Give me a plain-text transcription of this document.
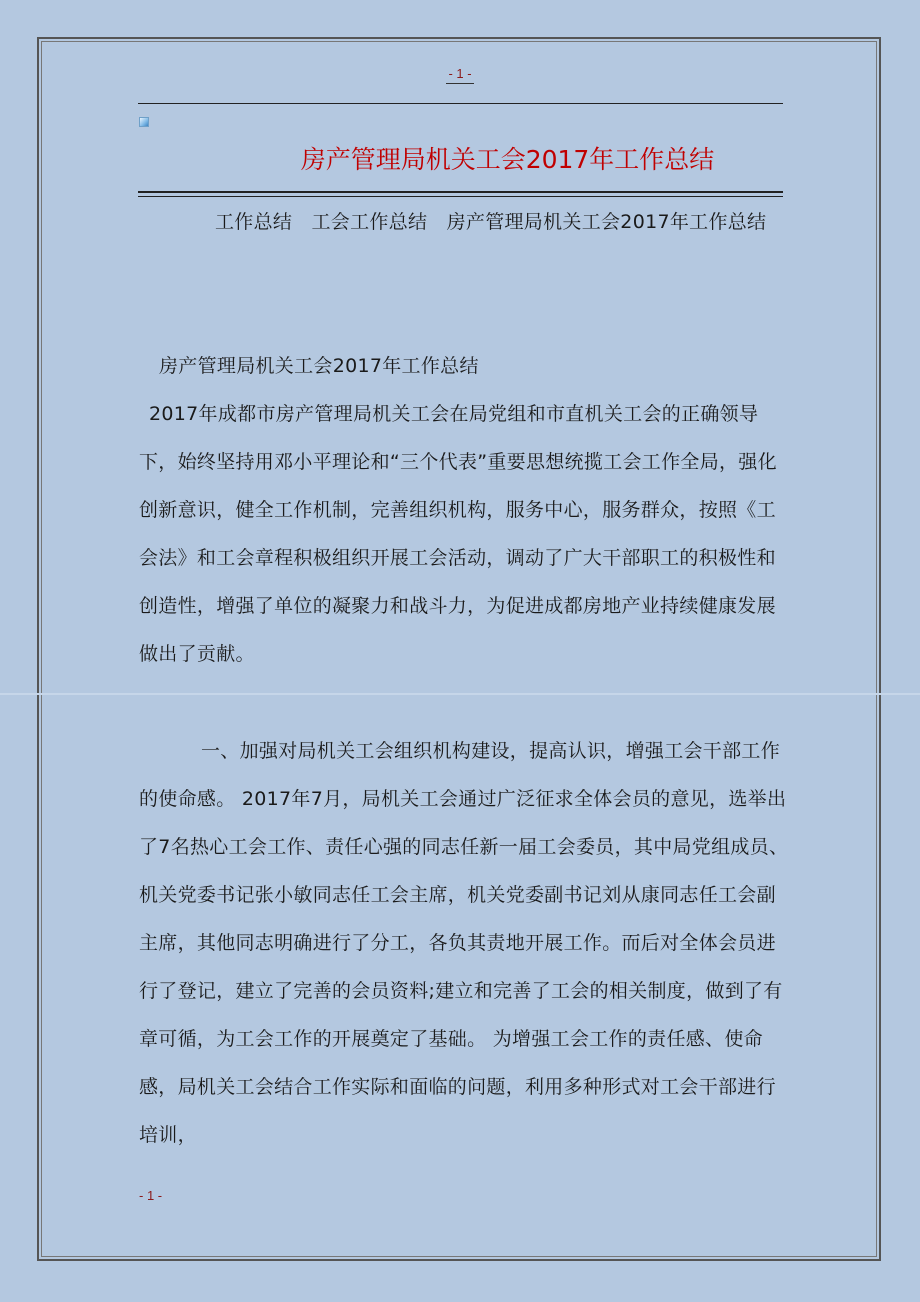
- 1 -
房产管理局机关工会2017年工作总结

工作总结　工会工作总结　房产管理局机关工会2017年工作总结

房产管理局机关工会2017年工作总结

2017年成都市房产管理局机关工会在局党组和市直机关工会的正确领导下，始终坚持用邓小平理论和“三个代表”重要思想统揽工会工作全局，强化创新意识，健全工作机制，完善组织机构，服务中心，服务群众，按照《工会法》和工会章程积极组织开展工会活动，调动了广大干部职工的积极性和创造性，增强了单位的凝聚力和战斗力，为促进成都房地产业持续健康发展做出了贡献。

一、加强对局机关工会组织机构建设，提高认识，增强工会干部工作的使命感。 2017年7月，局机关工会通过广泛征求全体会员的意见，选举出了7名热心工会工作、责任心强的同志任新一届工会委员，其中局党组成员、机关党委书记张小敏同志任工会主席，机关党委副书记刘从康同志任工会副主席，其他同志明确进行了分工，各负其责地开展工作。而后对全体会员进行了登记，建立了完善的会员资料;建立和完善了工会的相关制度，做到了有章可循，为工会工作的开展奠定了基础。 为增强工会工作的责任感、使命感，局机关工会结合工作实际和面临的问题，利用多种形式对工会干部进行培训，

- 1 -
